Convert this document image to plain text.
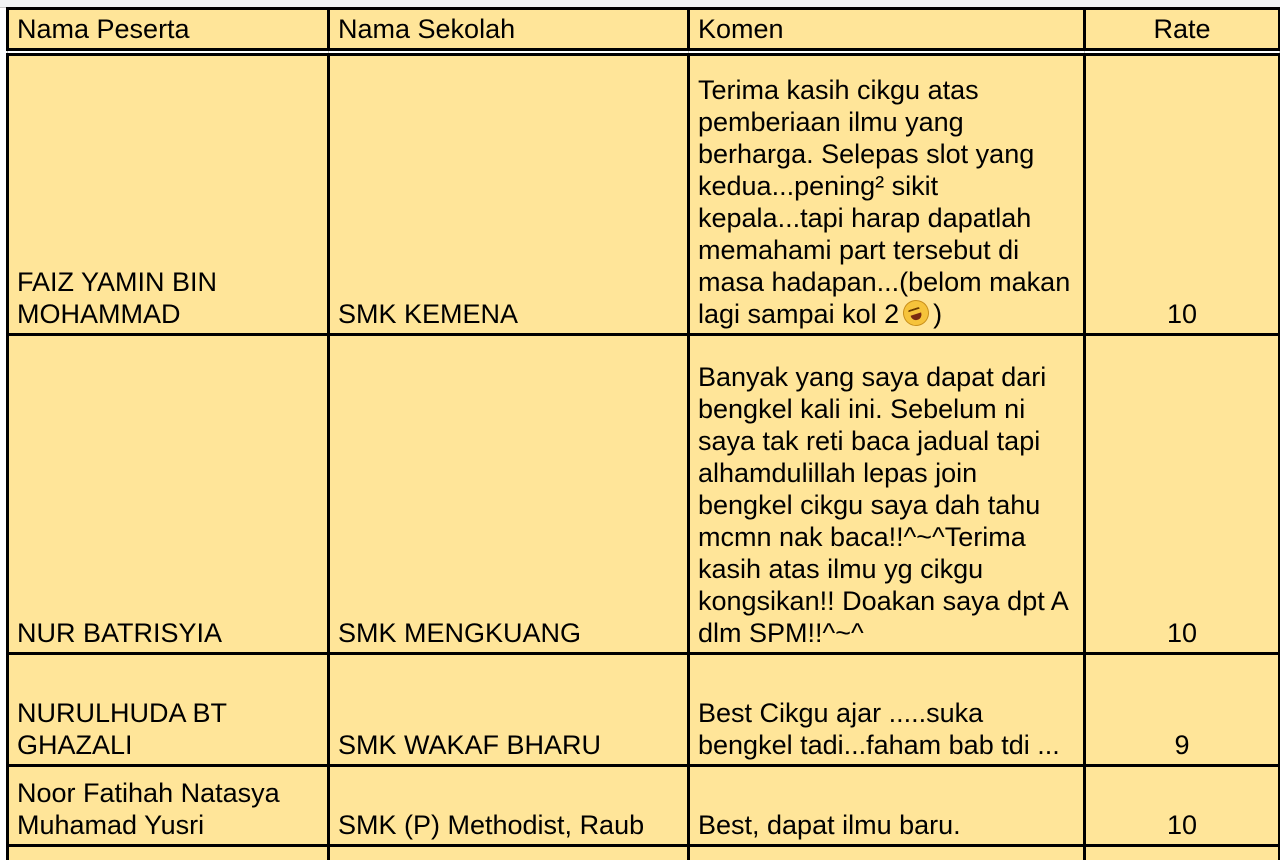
Nama Peserta	Nama Sekolah	Komen	Rate

FAIZ YAMIN BIN MOHAMMAD	SMK KEMENA	Terima kasih cikgu atas pemberiaan ilmu yang berharga. Selepas slot yang kedua...pening² sikit kepala...tapi harap dapatlah memahami part tersebut di masa hadapan...(belom makan lagi sampai kol 2 )	10
NUR BATRISYIA	SMK MENGKUANG	Banyak yang saya dapat dari bengkel kali ini. Sebelum ni saya tak reti baca jadual tapi alhamdulillah lepas join bengkel cikgu saya dah tahu mcmn nak baca!!^~^Terima kasih atas ilmu yg cikgu kongsikan!! Doakan saya dpt A dlm SPM!!^~^	10
NURULHUDA BT GHAZALI	SMK WAKAF BHARU	Best Cikgu ajar .....suka bengkel tadi...faham bab tdi ...	9
Noor Fatihah Natasya Muhamad Yusri	SMK (P) Methodist, Raub	Best, dapat ilmu baru.	10
